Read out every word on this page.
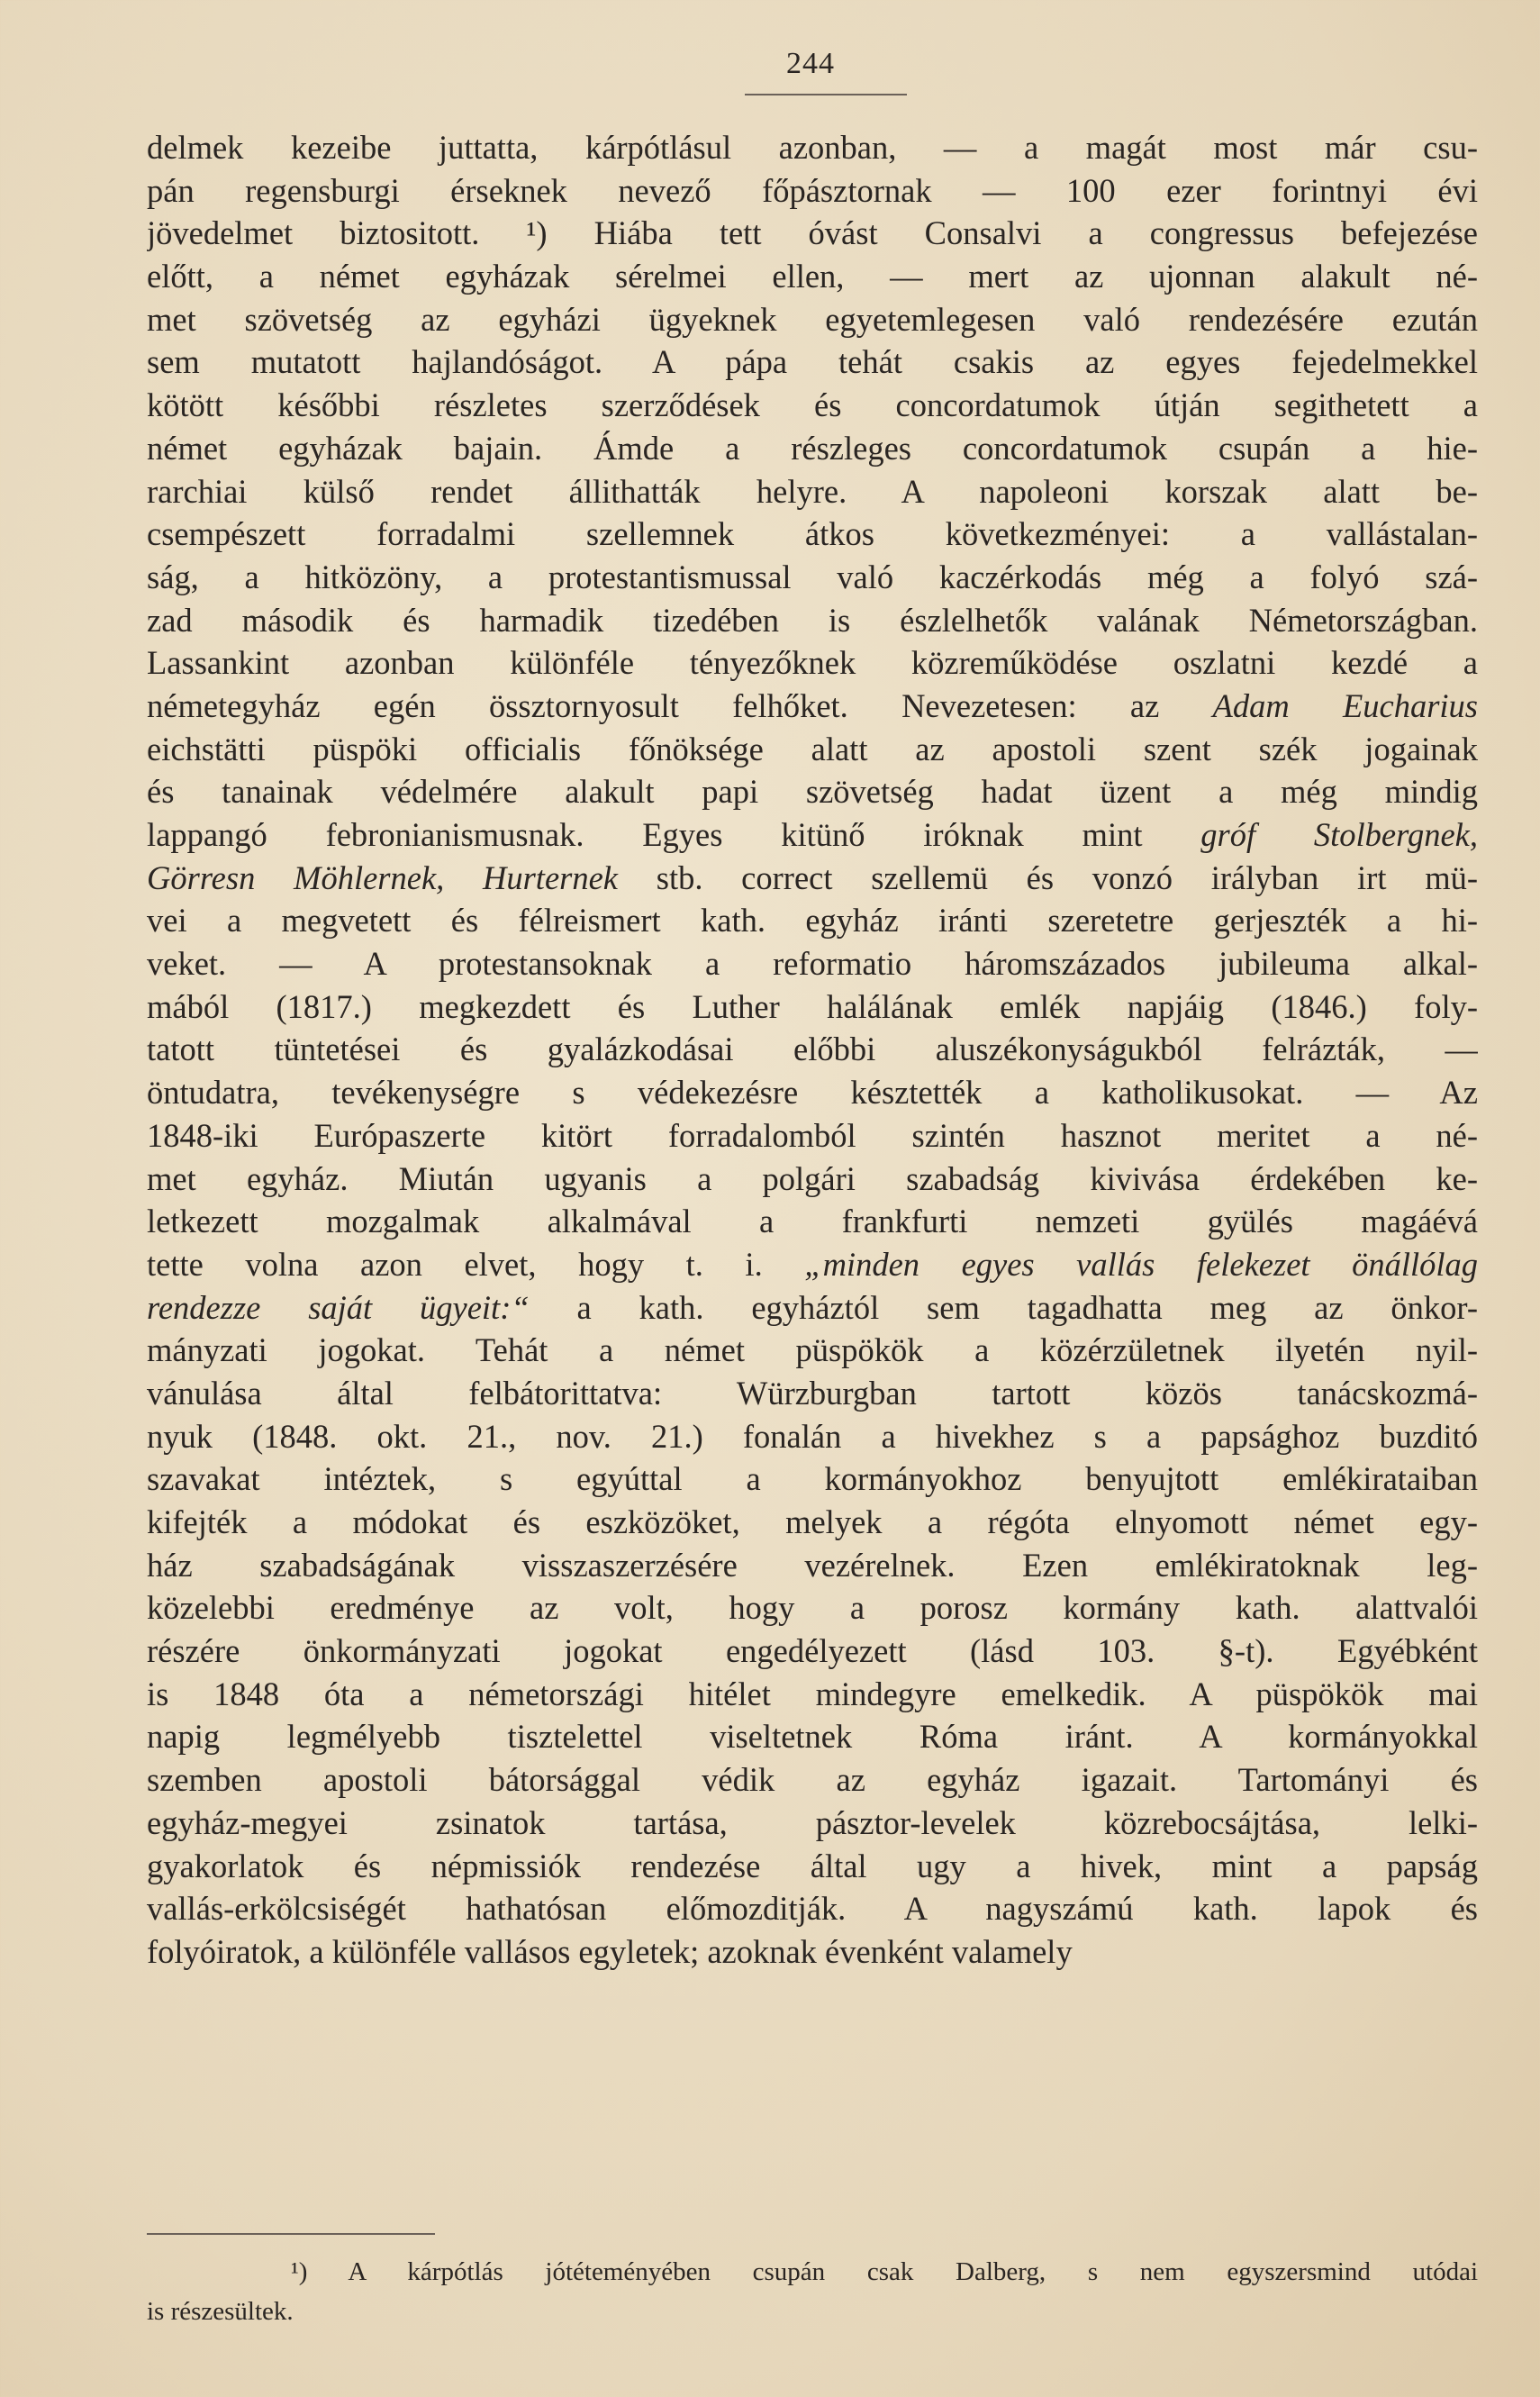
244
delmek kezeibe juttatta, kárpótlásul azonban, — a magát most már csu-
pán regensburgi érseknek nevező főpásztornak — 100 ezer forintnyi évi
jövedelmet biztositott. ¹) Hiába tett óvást Consalvi a congressus befejezése
előtt, a német egyházak sérelmei ellen, — mert az ujonnan alakult né-
met szövetség az egyházi ügyeknek egyetemlegesen való rendezésére ezután
sem mutatott hajlandóságot. A pápa tehát csakis az egyes fejedelmekkel
kötött későbbi részletes szerződések és concordatumok útján segithetett a
német egyházak bajain. Ámde a részleges concordatumok csupán a hie-
rarchiai külső rendet állithatták helyre. A napoleoni korszak alatt be-
csempészett forradalmi szellemnek átkos következményei: a vallástalan-
ság, a hitközöny, a protestantismussal való kaczérkodás még a folyó szá-
zad második és harmadik tizedében is észlelhetők valának Németországban.
Lassankint azonban különféle tényezőknek közreműködése oszlatni kezdé a
németegyház egén össztornyosult felhőket. Nevezetesen: az Adam Eucharius
eichstätti püspöki officialis főnöksége alatt az apostoli szent szék jogainak
és tanainak védelmére alakult papi szövetség hadat üzent a még mindig
lappangó febronianismusnak. Egyes kitünő iróknak mint gróf Stolbergnek,
Görresn Möhlernek, Hurternek stb. correct szellemü és vonzó irályban irt mü-
vei a megvetett és félreismert kath. egyház iránti szeretetre gerjeszték a hi-
veket. — A protestansoknak a reformatio háromszázados jubileuma alkal-
mából (1817.) megkezdett és Luther halálának emlék napjáig (1846.) foly-
tatott tüntetései és gyalázkodásai előbbi aluszékonyságukból felrázták, —
öntudatra, tevékenységre s védekezésre késztették a katholikusokat. — Az
1848-iki Európaszerte kitört forradalomból szintén hasznot meritet a né-
met egyház. Miután ugyanis a polgári szabadság kivivása érdekében ke-
letkezett mozgalmak alkalmával a frankfurti nemzeti gyülés magáévá
tette volna azon elvet, hogy t. i. „minden egyes vallás felekezet önállólag
rendezze saját ügyeit:“ a kath. egyháztól sem tagadhatta meg az önkor-
mányzati jogokat. Tehát a német püspökök a közérzületnek ilyetén nyil-
vánulása által felbátorittatva: Würzburgban tartott közös tanácskozmá-
nyuk (1848. okt. 21., nov. 21.) fonalán a hivekhez s a papsághoz buzditó
szavakat intéztek, s egyúttal a kormányokhoz benyujtott emlékirataiban
kifejték a módokat és eszközöket, melyek a régóta elnyomott német egy-
ház szabadságának visszaszerzésére vezérelnek. Ezen emlékiratoknak leg-
közelebbi eredménye az volt, hogy a porosz kormány kath. alattvalói
részére önkormányzati jogokat engedélyezett (lásd 103. §-t). Egyébként
is 1848 óta a németországi hitélet mindegyre emelkedik. A püspökök mai
napig legmélyebb tisztelettel viseltetnek Róma iránt. A kormányokkal
szemben apostoli bátorsággal védik az egyház igazait. Tartományi és
egyház-megyei zsinatok tartása, pásztor-levelek közrebocsájtása, lelki-
gyakorlatok és népmissiók rendezése által ugy a hivek, mint a papság
vallás-erkölcsiségét hathatósan előmozditják. A nagyszámú kath. lapok és
folyóiratok, a különféle vallásos egyletek; azoknak évenként valamely
¹) A kárpótlás jótéteményében csupán csak Dalberg, s nem egyszersmind utódai
is részesültek.
